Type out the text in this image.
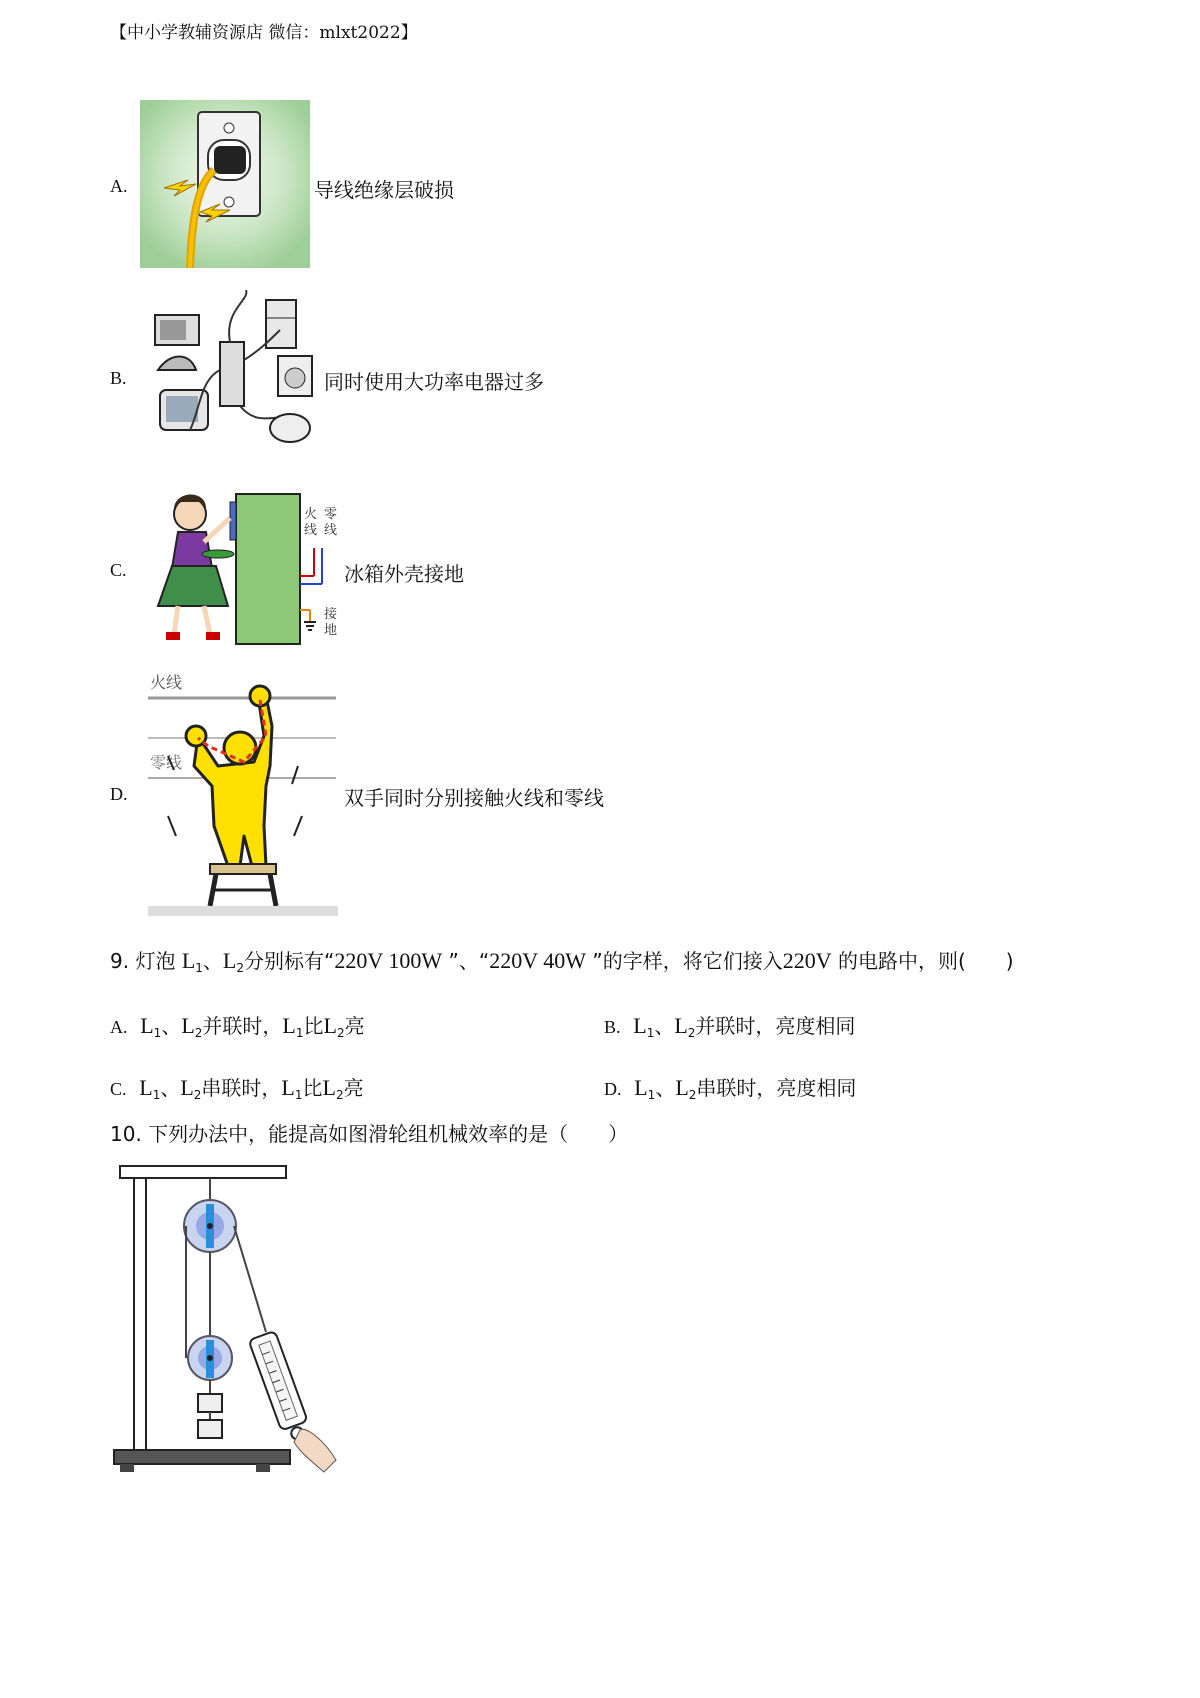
【中小学教辅资源店 微信：mlxt2022】
A.	导线绝缘层破损
B.	同时使用大功率电器过多
C.
火
线
零
线
接
地
冰箱外壳接地
D.
火线
零线
双手同时分别接触火线和零线
9. 灯泡 $L_1$、$L_2$分别标有“220V 100W ”、“220V 40W ”的字样，将它们接入220V 的电路中，则(　　)
A. $L_1$、$L_2$并联时，$L_1$比$L_2$亮	B. $L_1$、$L_2$并联时，亮度相同
C. $L_1$、$L_2$串联时，$L_1$比$L_2$亮	D. $L_1$、$L_2$串联时，亮度相同
10. 下列办法中，能提高如图滑轮组机械效率的是（　　）
